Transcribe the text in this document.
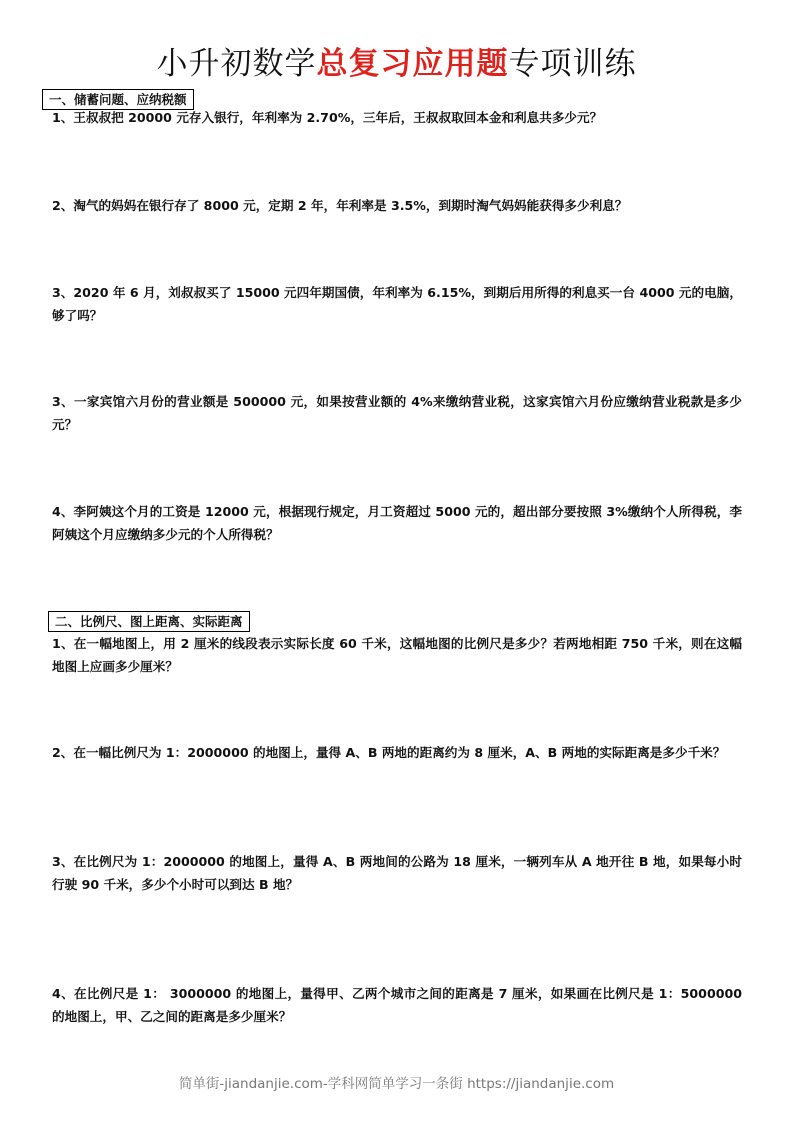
小升初数学总复习应用题专项训练
一、储蓄问题、应纳税额
1、王叔叔把 20000 元存入银行，年利率为 2.70%，三年后，王叔叔取回本金和利息共多少元？
2、淘气的妈妈在银行存了 8000 元，定期 2 年，年利率是 3.5%，到期时淘气妈妈能获得多少利息？
3、2020 年 6 月，刘叔叔买了 15000 元四年期国债，年利率为 6.15%，到期后用所得的利息买一台 4000 元的电脑，够了吗？
3、一家宾馆六月份的营业额是 500000 元，如果按营业额的 4%来缴纳营业税，这家宾馆六月份应缴纳营业税款是多少元？
4、李阿姨这个月的工资是 12000 元，根据现行规定，月工资超过 5000 元的，超出部分要按照 3%缴纳个人所得税，李阿姨这个月应缴纳多少元的个人所得税？
二、比例尺、图上距离、实际距离
1、在一幅地图上，用 2 厘米的线段表示实际长度 60 千米，这幅地图的比例尺是多少？若两地相距 750 千米，则在这幅地图上应画多少厘米？
2、在一幅比例尺为 1：2000000 的地图上，量得 A、B 两地的距离约为 8 厘米，A、B 两地的实际距离是多少千米？
3、在比例尺为 1：2000000 的地图上，量得 A、B 两地间的公路为 18 厘米，一辆列车从 A 地开往 B 地，如果每小时行驶 90 千米，多少个小时可以到达 B 地？
4、在比例尺是 1： 3000000 的地图上，量得甲、乙两个城市之间的距离是 7 厘米，如果画在比例尺是 1：5000000 的地图上，甲、乙之间的距离是多少厘米？
简单街-jiandanjie.com-学科网简单学习一条街 https://jiandanjie.com
